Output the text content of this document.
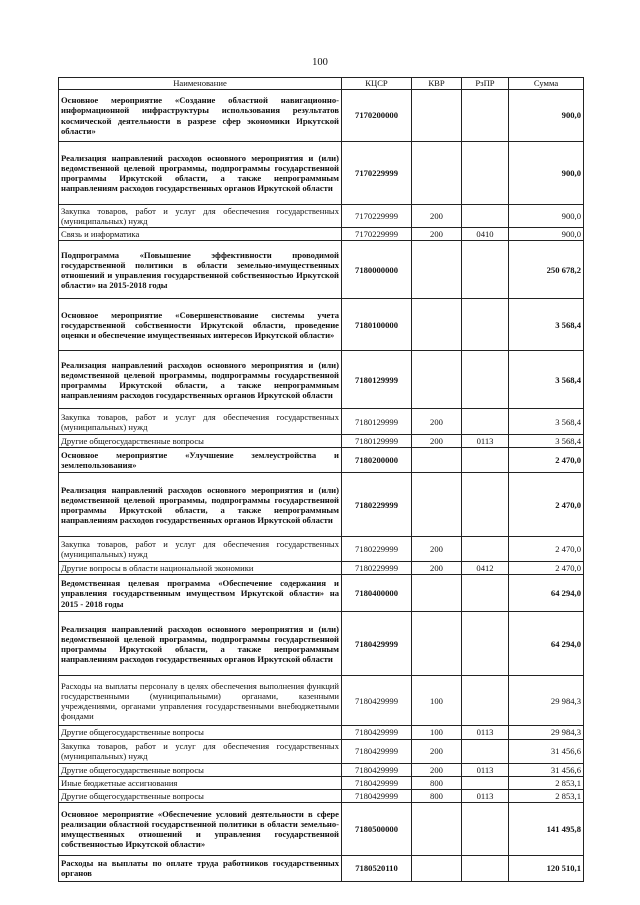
100
Наименование	КЦСР	КВР	РзПР	Сумма
Основное мероприятие «Создание областной навигационно-информационной инфраструктуры использования результатов космической деятельности в разрезе сфер экономики Иркутской области»	7170200000			900,0
Реализация направлений расходов основного мероприятия и (или) ведомственной целевой программы, подпрограммы государственной программы Иркутской области, а также непрограммным направлениям расходов государственных органов Иркутской области	7170229999			900,0
Закупка товаров, работ и услуг для обеспечения государственных (муниципальных) нужд	7170229999	200		900,0
Связь и информатика	7170229999	200	0410	900,0
Подпрограмма «Повышение эффективности проводимой государственной политики в области земельно-имущественных отношений и управления государственной собственностью Иркутской области» на 2015-2018 годы	7180000000			250 678,2
Основное мероприятие «Совершенствование системы учета государственной собственности Иркутской области, проведение оценки и обеспечение имущественных интересов Иркутской области»	7180100000			3 568,4
Реализация направлений расходов основного мероприятия и (или) ведомственной целевой программы, подпрограммы государственной программы Иркутской области, а также непрограммным направлениям расходов государственных органов Иркутской области	7180129999			3 568,4
Закупка товаров, работ и услуг для обеспечения государственных (муниципальных) нужд	7180129999	200		3 568,4
Другие общегосударственные вопросы	7180129999	200	0113	3 568,4
Основное мероприятие «Улучшение землеустройства и землепользования»	7180200000			2 470,0
Реализация направлений расходов основного мероприятия и (или) ведомственной целевой программы, подпрограммы государственной программы Иркутской области, а также непрограммным направлениям расходов государственных органов Иркутской области	7180229999			2 470,0
Закупка товаров, работ и услуг для обеспечения государственных (муниципальных) нужд	7180229999	200		2 470,0
Другие вопросы в области национальной экономики	7180229999	200	0412	2 470,0
Ведомственная целевая программа «Обеспечение содержания и управления государственным имуществом Иркутской области» на 2015 - 2018 годы	7180400000			64 294,0
Реализация направлений расходов основного мероприятия и (или) ведомственной целевой программы, подпрограммы государственной программы Иркутской области, а также непрограммным направлениям расходов государственных органов Иркутской области	7180429999			64 294,0
Расходы на выплаты персоналу в целях обеспечения выполнения функций государственными (муниципальными) органами, казенными учреждениями, органами управления государственными внебюджетными фондами	7180429999	100		29 984,3
Другие общегосударственные вопросы	7180429999	100	0113	29 984,3
Закупка товаров, работ и услуг для обеспечения государственных (муниципальных) нужд	7180429999	200		31 456,6
Другие общегосударственные вопросы	7180429999	200	0113	31 456,6
Иные бюджетные ассигнования	7180429999	800		2 853,1
Другие общегосударственные вопросы	7180429999	800	0113	2 853,1
Основное мероприятие «Обеспечение условий деятельности в сфере реализации областной государственной политики в области земельно-имущественных отношений и управления государственной собственностью Иркутской области»	7180500000			141 495,8
Расходы на выплаты по оплате труда работников государственных органов	7180520110			120 510,1
